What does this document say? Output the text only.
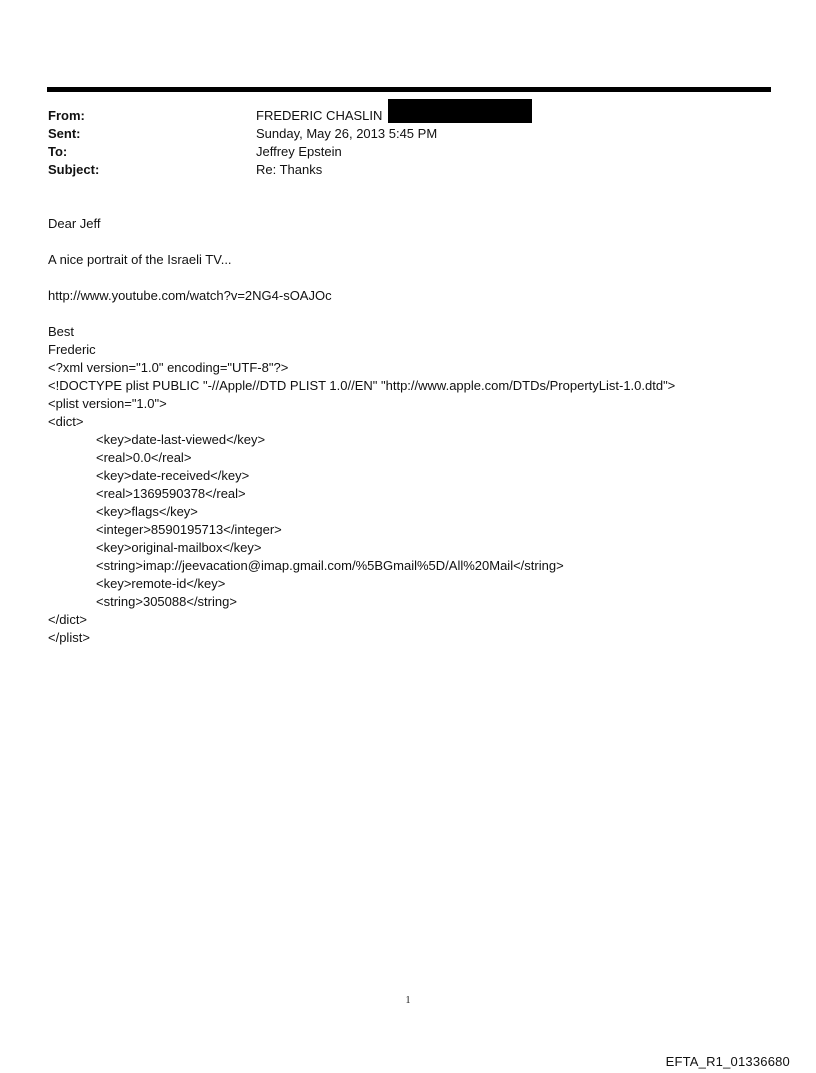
From:	FREDERIC CHASLIN
Sent:	Sunday, May 26, 2013 5:45 PM
To:	Jeffrey Epstein
Subject:	Re: Thanks

Dear Jeff

A nice portrait of the Israeli TV...

http://www.youtube.com/watch?v=2NG4-sOAJOc

Best

Frederic

<?xml version="1.0" encoding="UTF-8"?>

<!DOCTYPE plist PUBLIC "-//Apple//DTD PLIST 1.0//EN" "http://www.apple.com/DTDs/PropertyList-1.0.dtd">

<plist version="1.0">

<dict>

<key>date-last-viewed</key>

<real>0.0</real>

<key>date-received</key>

<real>1369590378</real>

<key>flags</key>

<integer>8590195713</integer>

<key>original-mailbox</key>

<string>imap://jeevacation@imap.gmail.com/%5BGmail%5D/All%20Mail</string>

<key>remote-id</key>

<string>305088</string>

</dict>

</plist>

1
EFTA_R1_01336680
